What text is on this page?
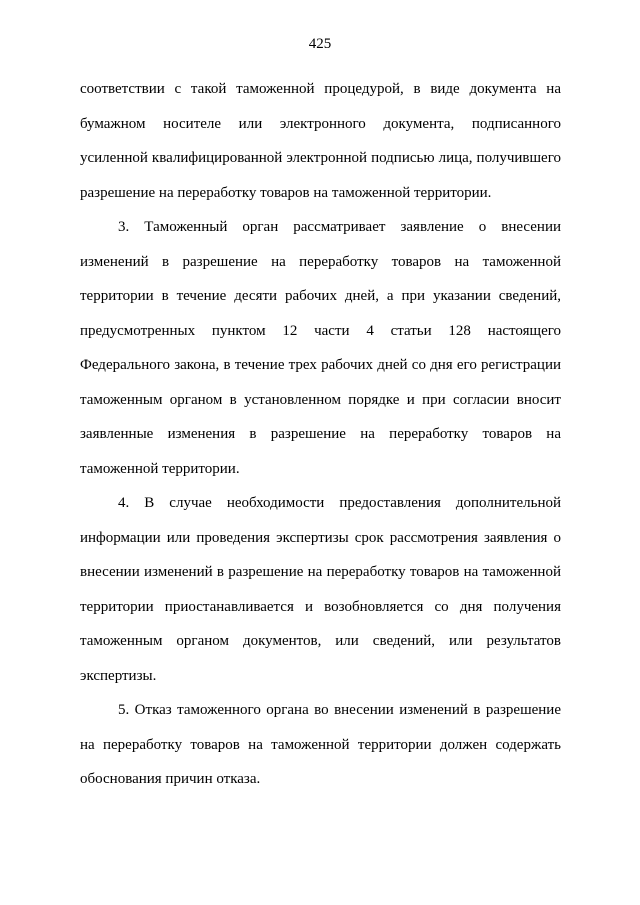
425

соответствии с такой таможенной процедурой, в виде документа на бумажном носителе или электронного документа, подписанного усиленной квалифицированной электронной подписью лица, получившего разрешение на переработку товаров на таможенной территории.

3. Таможенный орган рассматривает заявление о внесении изменений в разрешение на переработку товаров на таможенной территории в течение десяти рабочих дней, а при указании сведений, предусмотренных пунктом 12 части 4 статьи 128 настоящего Федерального закона, в течение трех рабочих дней со дня его регистрации таможенным органом в установленном порядке и при согласии вносит заявленные изменения в разрешение на переработку товаров на таможенной территории.

4. В случае необходимости предоставления дополнительной информации или проведения экспертизы срок рассмотрения заявления о внесении изменений в разрешение на переработку товаров на таможенной территории приостанавливается и возобновляется со дня получения таможенным органом документов, или сведений, или результатов экспертизы.

5. Отказ таможенного органа во внесении изменений в разрешение на переработку товаров на таможенной территории должен содержать обоснования причин отказа.
